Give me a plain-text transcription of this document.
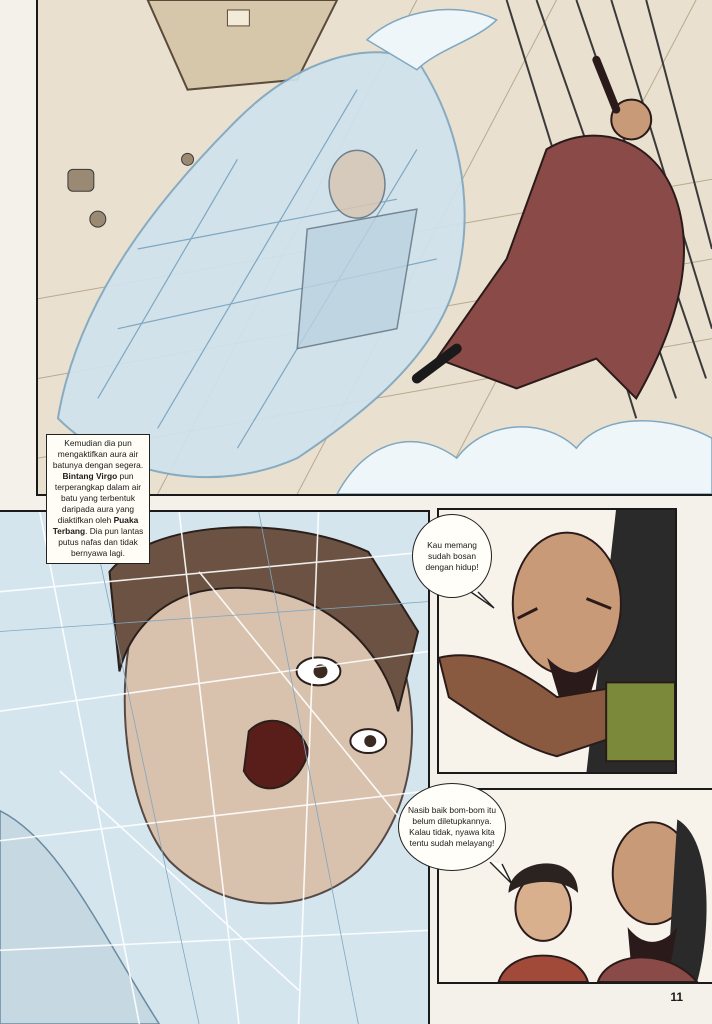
Kemudian dia pun mengaktifkan aura air batunya dengan segera. Bintang Virgo pun terperangkap dalam air batu yang terbentuk daripada aura yang diaktifkan oleh Puaka Terbang. Dia pun lantas putus nafas dan tidak bernyawa lagi.
Kau memang sudah bosan dengan hidup!
Nasib baik bom-bom itu belum diletupkannya. Kalau tidak, nyawa kita tentu sudah melayang!
11
